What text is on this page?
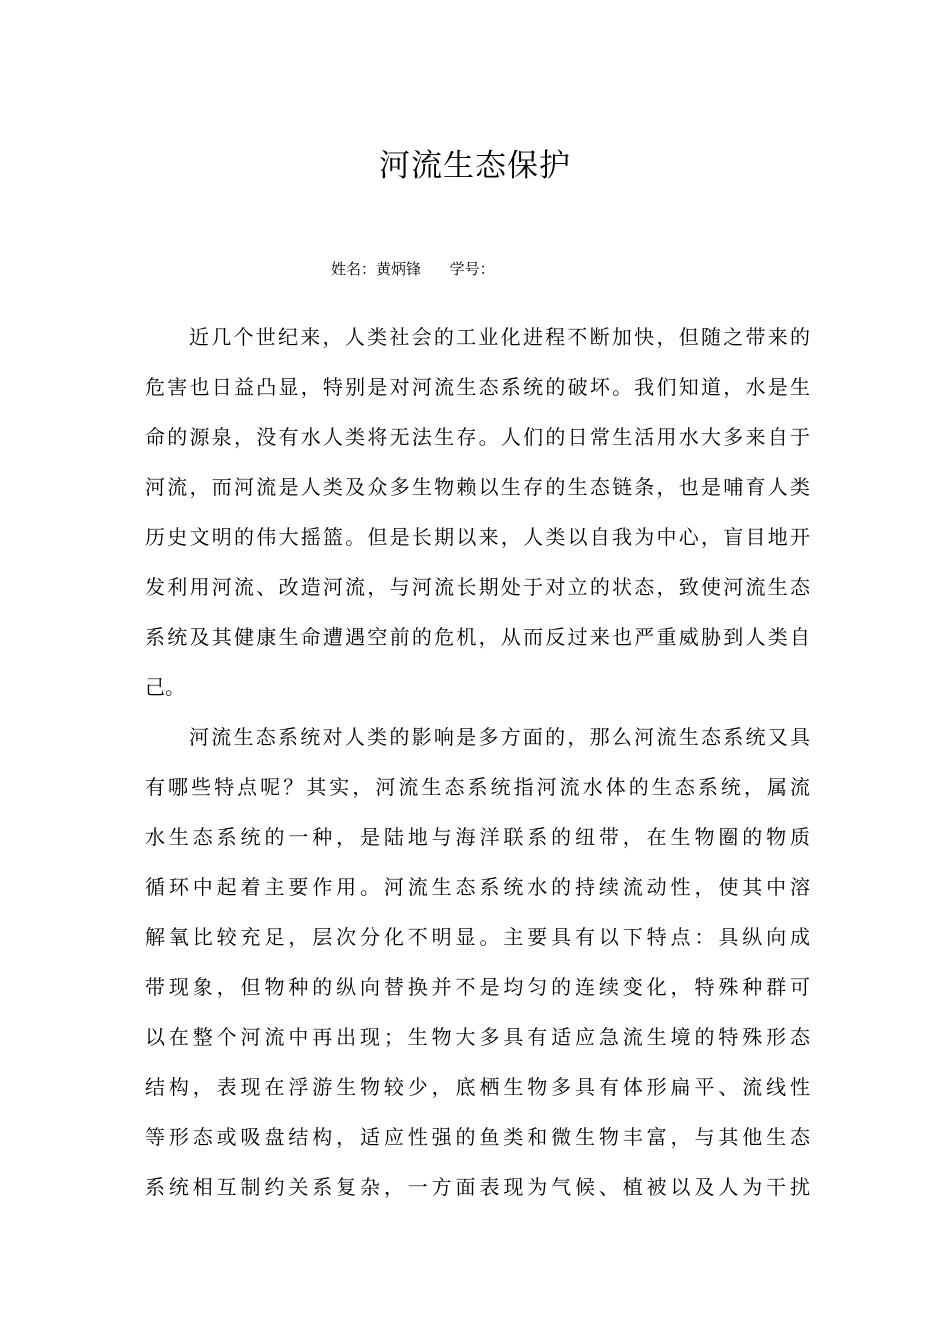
河流生态保护
姓名：黄炳锋 学号：
近几个世纪来，人类社会的工业化进程不断加快，但随之带来的
危害也日益凸显，特别是对河流生态系统的破坏。我们知道，水是生
命的源泉，没有水人类将无法生存。人们的日常生活用水大多来自于
河流，而河流是人类及众多生物赖以生存的生态链条，也是哺育人类
历史文明的伟大摇篮。但是长期以来，人类以自我为中心，盲目地开
发利用河流、改造河流，与河流长期处于对立的状态，致使河流生态
系统及其健康生命遭遇空前的危机，从而反过来也严重威胁到人类自
己。
河流生态系统对人类的影响是多方面的，那么河流生态系统又具
有哪些特点呢？其实，河流生态系统指河流水体的生态系统，属流
水生态系统的一种，是陆地与海洋联系的纽带，在生物圈的物质
循环中起着主要作用。河流生态系统水的持续流动性，使其中溶
解氧比较充足，层次分化不明显。主要具有以下特点：具纵向成
带现象，但物种的纵向替换并不是均匀的连续变化，特殊种群可
以在整个河流中再出现；生物大多具有适应急流生境的特殊形态
结构，表现在浮游生物较少，底栖生物多具有体形扁平、流线性
等形态或吸盘结构，适应性强的鱼类和微生物丰富，与其他生态
系统相互制约关系复杂，一方面表现为气候、植被以及人为干扰
